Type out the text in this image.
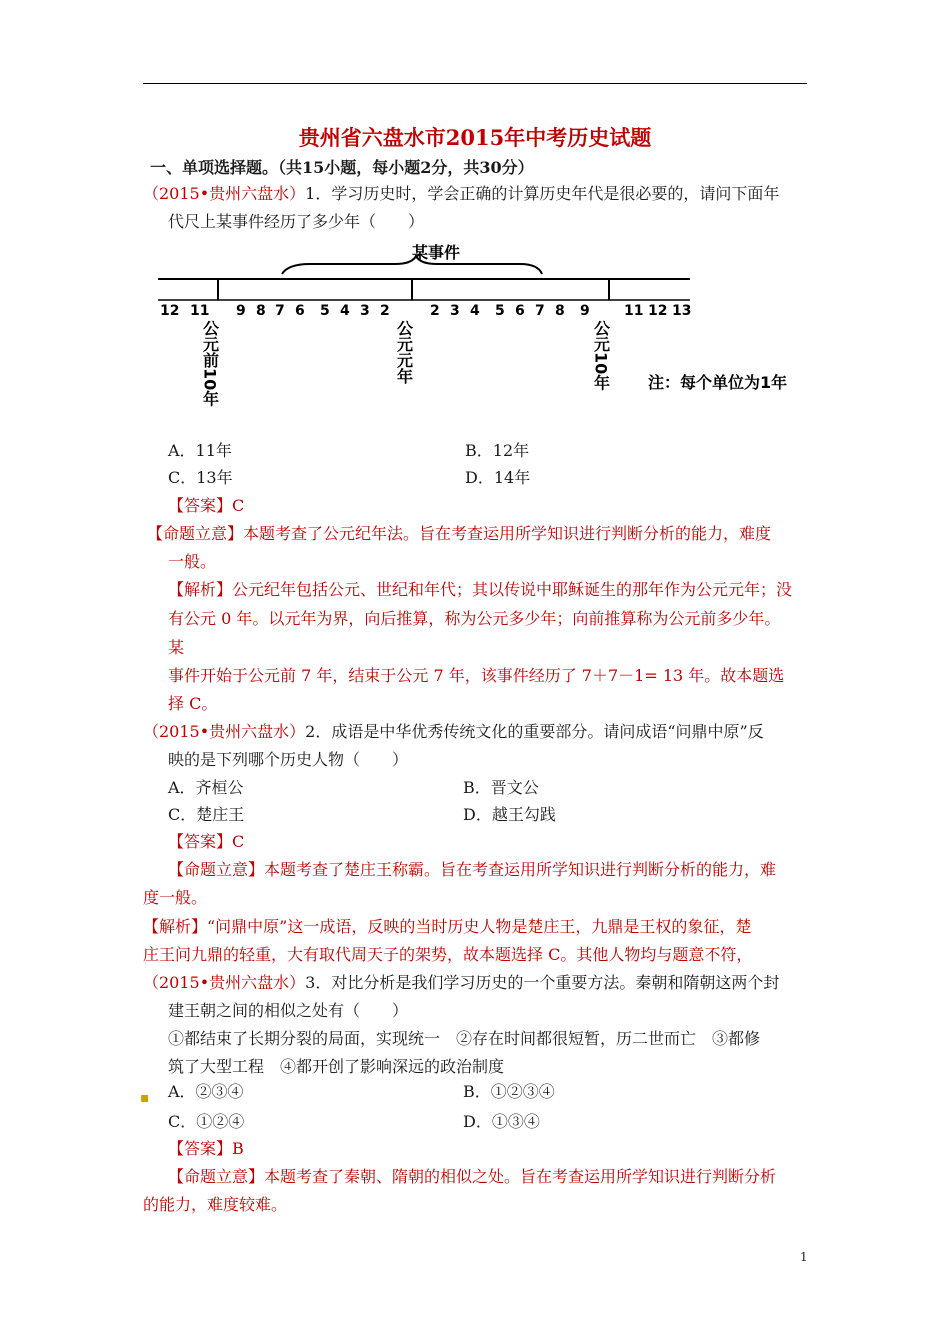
贵州省六盘水市2015年中考历史试题
一、单项选择题。（共15小题，每小题2分，共30分）
（2015•贵州六盘水）1．学习历史时，学会正确的计算历史年代是很必要的，请问下面年
代尺上某事件经历了多少年（　　）
某事件
12 11 9 8 7 6 5 4 3 2	2 3 4 5 6 7 8 9 11 12 13
公元前10年	公元元年	公元10年 注：每个单位为1年
A．11年	B．12年
C．13年	D．14年
【答案】C
【命题立意】本题考查了公元纪年法。旨在考查运用所学知识进行判断分析的能力，难度
一般。
【解析】公元纪年包括公元、世纪和年代；其以传说中耶稣诞生的那年作为公元元年；没
有公元 0 年。以元年为界，向后推算，称为公元多少年；向前推算称为公元前多少年。
某
事件开始于公元前 7 年，结束于公元 7 年，该事件经历了 7＋7－1= 13 年。故本题选
择 C。
（2015•贵州六盘水）2．成语是中华优秀传统文化的重要部分。请问成语“问鼎中原”反
映的是下列哪个历史人物（　　）
A．齐桓公	B．晋文公
C．楚庄王	D．越王勾践
【答案】C
【命题立意】本题考查了楚庄王称霸。旨在考查运用所学知识进行判断分析的能力，难
度一般。
【解析】“问鼎中原”这一成语，反映的当时历史人物是楚庄王，九鼎是王权的象征，楚
庄王问九鼎的轻重，大有取代周天子的架势，故本题选择 C。其他人物均与题意不符，
（2015•贵州六盘水）3．对比分析是我们学习历史的一个重要方法。秦朝和隋朝这两个封
建王朝之间的相似之处有（　　）
①都结束了长期分裂的局面，实现统一　②存在时间都很短暂，历二世而亡　③都修
筑了大型工程　④都开创了影响深远的政治制度
▪ A．②③④	B．①②③④
C．①②④	D．①③④
【答案】B
【命题立意】本题考查了秦朝、隋朝的相似之处。旨在考查运用所学知识进行判断分析
的能力，难度较难。
1
